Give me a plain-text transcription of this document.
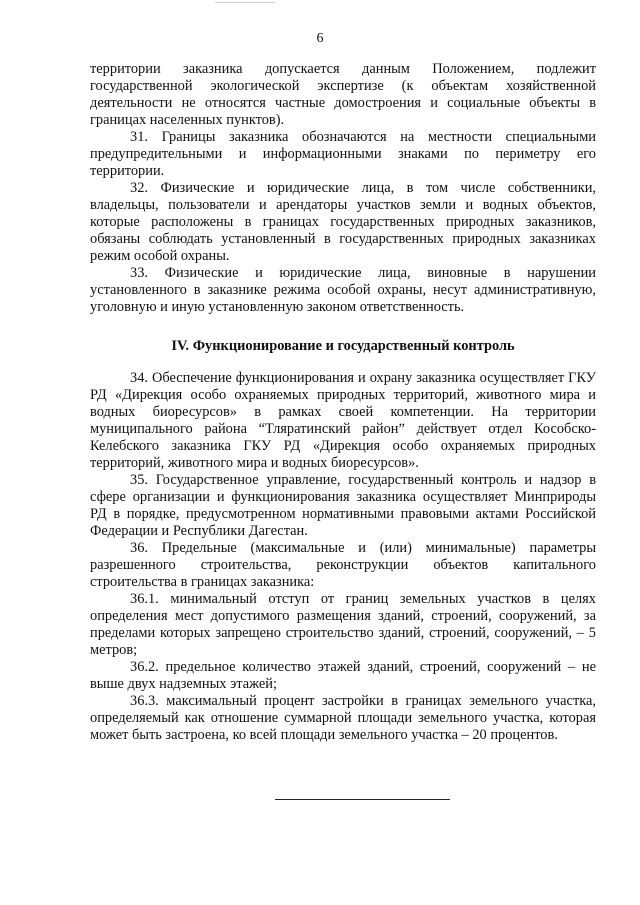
6

территории заказника допускается данным Положением, подлежит государственной экологической экспертизе (к объектам хозяйственной деятельности не относятся частные домостроения и социальные объекты в границах населенных пунктов).

31. Границы заказника обозначаются на местности специальными предупредительными и информационными знаками по периметру его территории.

32. Физические и юридические лица, в том числе собственники, владельцы, пользователи и арендаторы участков земли и водных объектов, которые расположены в границах государственных природных заказников, обязаны соблюдать установленный в государственных природных заказниках режим особой охраны.

33. Физические и юридические лица, виновные в нарушении установленного в заказнике режима особой охраны, несут административную, уголовную и иную установленную законом ответственность.

IV. Функционирование и государственный контроль

34. Обеспечение функционирования и охрану заказника осуществляет ГКУ РД «Дирекция особо охраняемых природных территорий, животного мира и водных биоресурсов» в рамках своей компетенции. На территории муниципального района “Тляратинский район” действует отдел Кособско-Келебского заказника ГКУ РД «Дирекция особо охраняемых природных территорий, животного мира и водных биоресурсов».

35. Государственное управление, государственный контроль и надзор в сфере организации и функционирования заказника осуществляет Минприроды РД в порядке, предусмотренном нормативными правовыми актами Российской Федерации и Республики Дагестан.

36. Предельные (максимальные и (или) минимальные) параметры разрешенного строительства, реконструкции объектов капитального строительства в границах заказника:

36.1. минимальный отступ от границ земельных участков в целях определения мест допустимого размещения зданий, строений, сооружений, за пределами которых запрещено строительство зданий, строений, сооружений, – 5 метров;

36.2. предельное количество этажей зданий, строений, сооружений – не выше двух надземных этажей;

36.3. максимальный процент застройки в границах земельного участка, определяемый как отношение суммарной площади земельного участка, которая может быть застроена, ко всей площади земельного участка – 20 процентов.
